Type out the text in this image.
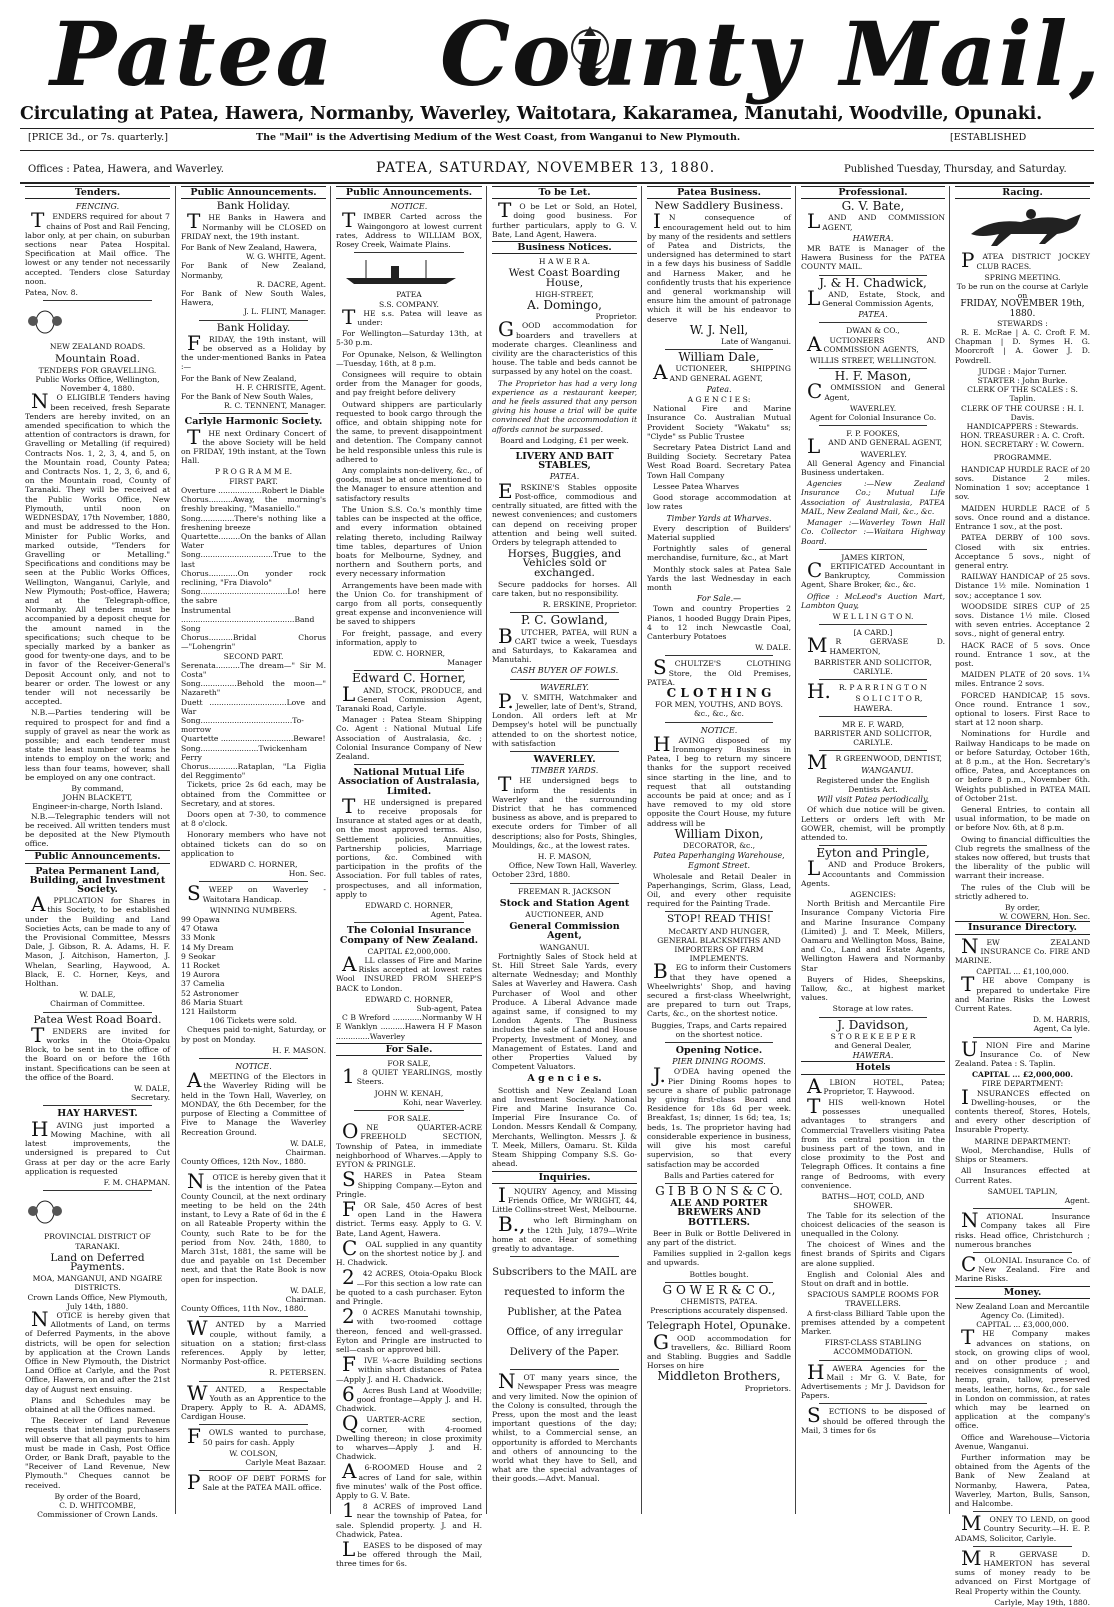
Patea County Mail,
Circulating at Patea, Hawera, Normanby, Waverley, Waitotara, Kakaramea, Manutahi, Woodville, Opunaki.
[PRICE 3d., or 7s. quarterly.]	The "Mail" is the Advertising Medium of the West Coast, from Wanganui to New Plymouth.	[ESTABLISHED
Offices : Patea, Hawera, and Waverley.	PATEA, SATURDAY, NOVEMBER 13, 1880.	Published Tuesday, Thursday, and Saturday.
Tenders.
FENCING.

TENDERS required for about 7 chains of Post and Rail Fencing, labor only, at per chain, on suburban sections near Patea Hospital. Specification at Mail office. The lowest or any tender not necessarily accepted. Tenders close Saturday noon.

Patea, Nov. 8.
NEW ZEALAND ROADS.
Mountain Road.
TENDERS FOR GRAVELLING.
Public Works Office, Wellington, November 4, 1880.

NO ELIGIBLE Tenders having been received, fresh Separate Tenders are hereby invited, on an amended specification to which the attention of contractors is drawn, for Gravelling or Metalling (if required) Contracts Nos. 1, 2, 3, 4, and 5, on the Mountain road, County Patea; and Contracts Nos. 1, 2, 3, 6, and 6, on the Mountain road, County of Taranaki. They will be received at the Public Works Office, New Plymouth, until noon on WEDNESDAY, 17th November, 1880, and must be addressed to the Hon. Minister for Public Works, and marked outside, "Tenders for Gravelling or Metalling." Specifications and conditions may be seen at the Public Works Offices, Wellington, Wanganui, Carlyle, and New Plymouth; Post-office, Hawera; and at the Telegraph-office, Normanby. All tenders must be accompanied by a deposit cheque for the amount named in the specifications; such cheque to be specially marked by a banker as good for twenty-one days, and to be in favor of the Receiver-General's Deposit Account only, and not to bearer or order. The lowest or any tender will not necessarily be accepted.

N.B.—Parties tendering will be required to prospect for and find a supply of gravel as near the work as possible; and each tenderer must state the least number of teams he intends to employ on the work; and less than four teams, however, shall be employed on any one contract.

By command,
JOHN BLACKETT,
Engineer-in-charge, North Island.

N.B.—Telegraphic tenders will not be received. All written tenders must be deposited at the New Plymouth office.

Public Announcements.
Patea Permanent Land, Building, and Investment Society.

APPLICATION for Shares in this Society, to be established under the Building and Land Societies Acts, can be made to any of the Provisional Committee, Messrs Dale, J. Gibson, R. A. Adams, H. F. Mason, J. Aitchison, Hamerton, J. Whelan, Searling, Haywood, A. Black, E. C. Horner, Keys, and Holthan.

W. DALE,
Chairman of Committee.
Patea West Road Board.

TENDERS are invited for works in the Otoia-Opaku Block, to be sent in to the office of the Board on or before the 16th instant. Specifications can be seen at the office of the Board.

W. DALE,
Secretary.
HAY HARVEST.

HAVING just imported a Mowing Machine, with all latest improvements, the undersigned is prepared to Cut Grass at per day or the acre Early application is requested

F. M. CHAPMAN.
PROVINCIAL DISTRICT OF TARANAKI.
Land on Deferred Payments.
MOA, MANGANUI, AND NGAIRE DISTRICTS.
Crown Lands Office, New Plymouth, July 14th, 1880.

NOTICE is hereby given that Allotments of Land, on terms of Deferred Payments, in the above districts, will be open for selection by application at the Crown Lands Office in New Plymouth, the District Land Office at Carlyle, and the Post Office, Hawera, on and after the 21st day of August next ensuing.

Plans and Schedules may be obtained at all the Offices named.

The Receiver of Land Revenue requests that intending purchasers will observe that all payments to him must be made in Cash, Post Office Order, or Bank Draft, payable to the "Receiver of Land Revenue, New Plymouth." Cheques cannot be received.

By order of the Board,
C. D. WHITCOMBE,
Commissioner of Crown Lands.
Public Announcements.
Bank Holiday.

THE Banks in Hawera and Normanby will be CLOSED on FRIDAY next, the 19th instant.

For Bank of New Zealand, Hawera,
W. G. WHITE, Agent.
For Bank of New Zealand, Normanby,
R. DACRE, Agent.
For Bank of New South Wales, Hawera,
J. L. FLINT, Manager.
Bank Holiday.

FRIDAY, the 19th instant, will be observed as a Holiday by the under-mentioned Banks in Patea :—

For the Bank of New Zealand,
H. F. CHRISITE, Agent.
For the Bank of New South Wales,
R. C. TENNENT, Manager.
Carlyle Harmonic Society.

THE next Ordinary Concert of the above Society will be held on FRIDAY, 19th instant, at the Town Hall.

P R O G R A M M E.
FIRST PART.
Overture ..................Robert le Diable
Chorus..........Away, the morning's freshly breaking, "Masaniello."
Song..............There's nothing like a freshening breeze
Quartette.........On the banks of Allan Water
Song..............................True to the last
Chorus............On yonder rock reclining, "Fra Diavolo"
Song....................................Lo! here the sabre
Instrumental ...............................................Band
Song
Chorus..........Bridal Chorus—"Lohengrin"
SECOND PART.
Serenata..........The dream—" Sir M. Costa"
Song...............Behold the moon—" Nazareth"
Duett ................................Love and War
Song......................................To-morrow
Quartette ..............................Beware!
Song........................Twickenham Ferry
Chorus............Rataplan, "La Figlia del Reggimento"

Tickets, price 2s 6d each, may be obtained from the Committee or Secretary, and at stores.

Doors open at 7-30, to commence at 8 o'clock.

Honorary members who have not obtained tickets can do so on application to

EDWARD C. HORNER,
Hon. Sec.

SWEEP on Waverley - Waitotara Handicap.

WINNING NUMBERS.
99 Opawa
47 Otawa
33 Monk
14 My Dream
9 Seokar
11 Rocket
19 Aurora
37 Camelia
52 Astronomer
86 Maria Stuart
121 Hailstorm
106 Tickets were sold.

Cheques paid to-night, Saturday, or by post on Monday.

H. F. MASON.
NOTICE.

AMEETING of the Electors in the Waverley Riding will be held in the Town Hall, Waverley, on MONDAY, the 6th December, for the purpose of Electing a Committee of Five to Manage the Waverley Recreation Ground.

W. DALE,
Chairman.
County Offices, 12th Nov., 1880.

NOTICE is hereby given that it is the intention of the Patea County Council, at the next ordinary meeting to be held on the 24th instant, to Levy a Rate of 6d in the £ on all Rateable Property within the County, such Rate to be for the period from Nov. 24th, 1880, to March 31st, 1881, the same will be due and payable on 1st December next, and that the Rate Book is now open for inspection.

W. DALE,
Chairman.
County Offices, 11th Nov., 1880.

WANTED by a Married couple, without family, a situation on a station; first-class references. Apply by letter, Normanby Post-office.

R. PETERSEN.

WANTED, a Respectable Youth as an Apprentice to the Drapery. Apply to R. A. ADAMS, Cardigan House.

FOWLS wanted to purchase, 50 pairs for cash. Apply

W. COLSON,
Carlyle Meat Bazaar.

PROOF OF DEBT FORMS for Sale at the PATEA MAIL office.

Public Announcements.
NOTICE.

TIMBER Carted across the Waingongoro at lowest current rates, Address to WILLIAM BOX, Rosey Creek, Waimate Plains.

PATEA
S.S. COMPANY.

THE s.s. Patea will leave as under:

For Wellington—Saturday 13th, at 5-30 p.m.

For Opunake, Nelson, & Wellington—Tuesday, 16th, at 8 p.m.

Consignees will require to obtain order from the Manager for goods, and pay freight before delivery

Outward shippers are particularly requested to book cargo through the office, and obtain shipping note for the same, to prevent disappointment and detention. The Company cannot be held responsible unless this rule is adhered to

Any complaints non-delivery, &c., of goods, must be at once mentioned to the Manager to ensure attention and satisfactory results

The Union S.S. Co.'s monthly time tables can be inspected at the office, and every information obtained relating thereto, including Railway time tables, departures of Union boats for Melbourne, Sydney, and northern and Southern ports, and every necessary information

Arrangements have been made with the Union Co. for transhipment of cargo from all ports, consequently great expense and inconvenience will be saved to shippers

For freight, passage, and every information, apply to

EDW. C. HORNER,
Manager
Edward C. Horner,

LAND, STOCK, PRODUCE, and General Commission Agent, Taranaki Road, Carlyle.

Manager : Patea Steam Shipping Co. Agent : National Mutual Life Association of Australasia, &c. ; Colonial Insurance Company of New Zealand.

National Mutual Life Association of Australasia, Limited.

THE undersigned is prepared to receive proposals for Insurance at stated ages or at death, on the most approved terms. Also, Settlement policies, Annuities, Partnership policies, Marriage portions, &c. Combined with participation in the profits of the Association. For full tables of rates, prospectuses, and all information, apply to

EDWARD C. HORNER,
Agent, Patea.
The Colonial Insurance Company of New Zealand.
CAPITAL £2,000,000.

ALL classes of Fire and Marine Risks accepted at lowest rates Wool INSURED FROM SHEEP'S BACK to London.

EDWARD C. HORNER,
Sub-agent, Patea

C B Wreford ............Normanby W H E Wanklyn ..........Hawera H F Mason ..............Waverley

For Sale.
FOR SALE,

18 QUIET YEARLINGS, mostly Steers.

JOHN W. KENAH,
Kohi, near Waverley.
FOR SALE.

ONE QUARTER-ACRE FREEHOLD SECTION, Township of Patea, in immediate neighborhood of Wharves.—Apply to EYTON & PRINGLE.

SHARES in Patea Steam Shipping Company.—Eyton and Pringle.

FOR Sale, 450 Acres of best open Land in the Hawera district. Terms easy. Apply to G. V. Bate, Land Agent, Hawera.

COAL supplied in any quantity on the shortest notice by J. and H. Chadwick.

242 ACRES, Otoia-Opaku Block—For this section a low rate can be quoted to a cash purchaser. Eyton and Pringle.

20 ACRES Manutahi township, with two-roomed cottage thereon, fenced and well-grassed. Eyton and Pringle are instructed to sell—cash or approved bill.

FIVE ¼-acre Building sections within short distances of Patea—Apply J. and H. Chadwick.

6Acres Bush Land at Woodville; good frontage—Apply J. and H. Chadwick.

QUARTER-ACRE section, corner, with 4-roomed Dwelling thereon; in close proximity to wharves—Apply J. and H. Chadwick.

A6-ROOMED House and 2 acres of Land for sale, within five minutes' walk of the Post office. Apply to G. V. Bate.

18 ACRES of improved Land near the township of Patea, for sale. Splendid property. J. and H. Chadwick, Patea.

LEASES to be disposed of may be offered through the Mail, three times for 6s.

To be Let.

TO be Let or Sold, an Hotel, doing good business. For further particulars, apply to G. V. Bate, Land Agent, Hawera.

Business Notices.
H A W E R A.
West Coast Boarding House,
HIGH-STREET,
A. Domingo,
Proprietor.

GOOD accommodation for boarders and travellers at moderate charges. Cleanliness and civility are the characteristics of this house. The table and beds cannot be surpassed by any hotel on the coast.

The Proprietor has had a very long experience as a restaurant keeper, and he feels assured that any person giving his house a trial will be quite convinced that the accommodation it affords cannot be surpassed.

Board and Lodging, £1 per week.
LIVERY AND BAIT STABLES,
PATEA.

ERSKINE'S Stables opposite Post-office, commodious and centrally situated, are fitted with the newest conveniences; and customers can depend on receiving proper attention and being well suited. Orders by telegraph attended to

Horses, Buggies, and Vehicles sold or exchanged.

Secure paddocks for horses. All care taken, but no responsibility.

R. ERSKINE, Proprietor.
P. C. Gowland,

BUTCHER, PATEA, will RUN a CART twice a week, Tuesdays and Saturdays, to Kakaramea and Manutahi.

CASH BUYER OF FOWLS.
WAVERLEY.

P.V. SMITH, Watchmaker and Jeweller, late of Dent's, Strand, London. All orders left at Mr Dempsey's hotel will be punctually attended to on the shortest notice, with satisfaction

WAVERLEY.
TIMBER YARDS.

THE undersigned begs to inform the residents in Waverley and the surrounding District that he has commenced business as above, and is prepared to execute orders for Timber of all descriptions; also for Posts, Shingles, Mouldings, &c., at the lowest rates.

H. F. MASON,
Office, New Town Hall, Waverley.
October 23rd, 1880.
FREEMAN R. JACKSON
Stock and Station Agent
AUCTIONEER, AND
General Commission Agent,
WANGANUI.

Fortnightly Sales of Stock held at St. Hill Street Sale Yards, every alternate Wednesday; and Monthly Sales at Waverley and Hawera. Cash Purchaser of Wool and other Produce. A Liberal Advance made against same, if consigned to my London Agents. The Business includes the sale of Land and House Property, Investment of Money, and Management of Estates. Land and other Properties Valued by Competent Valuators.

A g e n c i e s.

Scottish and New Zealand Loan and Investment Society. National Fire and Marine Insurance Co. Imperial Fire Insurance Co. of London. Messrs Kendall & Company, Merchants, Wellington. Messrs J. & T. Meek, Millers, Oamaru. St. Kilda Steam Shipping Company S.S. Go-ahead.

Inquiries.

INQUIRY Agency, and Missing Friends Office, Mr WRIGHT, 44, Little Collins-street West, Melbourne.

B.,who left Birmingham on the 12th July, 1879—Write home at once. Hear of something greatly to advantage.

Subscribers to the MAIL are requested to inform the Publisher, at the Patea Office, of any irregular Delivery of the Paper.

NOT many years since, the Newspaper Press was meagre and very limited. Now the opinion of the Colony is consulted, through the Press, upon the most and the least important questions of the day; whilst, to a Commercial sense, an opportunity is afforded to Merchants and others of announcing to the world what they have to Sell, and what are the special advantages of their goods.—Advt. Manual.

Patea Business.
New Saddlery Business.

IN consequence of encouragement held out to him by many of the residents and settlers of Patea and Districts, the undersigned has determined to start in a few days his business of Saddle and Harness Maker, and he confidently trusts that his experience and general workmanship will ensure him the amount of patronage which it will be his endeavor to deserve

W. J. Nell,
Late of Wanganui.
William Dale,

AUCTIONEER, SHIPPING AND GENERAL AGENT,

Patea.
A G E N C I E S:

National Fire and Marine Insurance Co. Australian Mutual Provident Society "Wakatu" ss; "Clyde" ss Public Trustee

Secretary Patea District Land and Building Society. Secretary Patea West Road Board. Secretary Patea Town Hall Company

Lessee Patea Wharves

Good storage accommodation at low rates

Timber Yards at Wharves.

Every description of Builders' Material supplied

Fortnightly sales of general merchandise, furniture, &c., at Mart

Monthly stock sales at Patea Sale Yards the last Wednesday in each month

For Sale.—

Town and country Properties 2 Pianos, 1 hooded Buggy Drain Pipes, 4 to 12 inch Newcastle Coal, Canterbury Potatoes

W. DALE.

SCHULTZE'S CLOTHING Store, the Old Premises, PATEA.

C L O T H I N G
FOR MEN, YOUTHS, AND BOYS. &c., &c., &c.
NOTICE.

HAVING disposed of my Ironmongery Business in Patea, I beg to return my sincere thanks for the support received since starting in the line, and to request that all outstanding accounts be paid at once; and as I have removed to my old store opposite the Court House, my future address will be

William Dixon,
DECORATOR, &c.,
Patea Paperhanging Warehouse,
Egmont Street.

Wholesale and Retail Dealer in Paperhangings, Scrim, Glass, Lead, Oil, and every other requisite required for the Painting Trade.

STOP! READ THIS!
McCARTY AND HUNGER,
GENERAL BLACKSMITHS AND IMPORTERS OF FARM IMPLEMENTS.

BEG to inform their Customers that they have opened a Wheelwrights' Shop, and having secured a first-class Wheelwright, are prepared to turn out Traps, Carts, &c., on the shortest notice.

Buggies, Traps, and Carts repaired on the shortest notice.
Opening Notice.
PIER DINING ROOMS.

J.O'DEA having opened the Pier Dining Rooms hopes to secure a share of public patronage by giving first-class Board and Residence for 18s 6d per week. Breakfast, 1s; dinner, 1s 6d; tea, 1s; beds, 1s. The proprietor having had considerable experience in business, will give his most careful supervision, so that every satisfaction may be accorded

Balls and Parties catered for
G I B B O N S & C O.
ALE AND PORTER BREWERS AND BOTTLERS.

Beer in Bulk or Bottle Delivered in any part of the district.

Families supplied in 2-gallon kegs and upwards.

Bottles bought.
G O W E R & C O.,
CHEMISTS, PATEA.
Prescriptions accurately dispensed.
Telegraph Hotel, Opunake.

GOOD accommodation for travellers, &c. Billiard Room and Stabling. Buggies and Saddle Horses on hire

Middleton Brothers,
Proprietors.
Professional.
G. V. Bate,

LAND AND COMMISSION AGENT,

HAWERA.

MR BATE is Manager of the Hawera Business for the PATEA COUNTY MAIL.

J. & H. Chadwick,

LAND, Estate, Stock, and General Commission Agents,

PATEA.
DWAN & CO.,

AUCTIONEERS AND COMMISSION AGENTS,

WILLIS STREET, WELLINGTON.
H. F. Mason,

COMMISSION and General Agent,

WAVERLEY.
Agent for Colonial Insurance Co.
F. P. FOOKES,

LAND AND GENERAL AGENT,

WAVERLEY.

All General Agency and Financial Business undertaken.

Agencies :—New Zealand Insurance Co.; Mutual Life Association of Australasia, PATEA MAIL, New Zealand Mail, &c., &c.

Manager :—Waverley Town Hall Co. Collector :—Waitara Highway Board.

JAMES KIRTON,

CERTIFICATED Accountant in Bankruptcy, Commission Agent, Share Broker, &c., &c.

Office : McLeod's Auction Mart, Lambton Quay,

W E L L I N G T O N.
[A CARD.]

MR GERVASE D. HAMERTON,

BARRISTER AND SOLICITOR,
CARLYLE.

H.R. P A R R I N G T O N

S O L I C I T O R,
HAWERA.
MR E. F. WARD,
BARRISTER AND SOLICITOR,
CARLYLE.

MR GREENWOOD, DENTIST,

WANGANUI.
Registered under the English Dentists Act.
Will visit Patea periodically,

Of which due notice will be given. Letters or orders left with Mr GOWER, chemist, will be promptly attended to.

Eyton and Pringle,

LAND and Produce Brokers, Accountants and Commission Agents.

AGENCIES:

North British and Mercantile Fire Insurance Company Victoria Fire and Marine Insurance Company (Limited) J. and T. Meek, Millers, Oamaru and Wellington Moss, Baine, and Co., Land and Estate Agents, Wellington Hawera and Normanby Star

Buyers of Hides, Sheepskins, Tallow, &c., at highest market values.

Storage at low rates.
J. Davidson,
S T O R E K E E P E R
and General Dealer,
HAWERA.
Hotels

ALBION HOTEL, Patea; Proprietor, T. Haywood.

THIS well-known Hotel possesses unequalled advantages to strangers and Commercial Travellers visiting Patea from its central position in the business part of the town, and in close proximity to the Post and Telegraph Offices. It contains a fine range of Bedrooms, with every convenience.

BATHS—HOT, COLD, AND SHOWER.

The Table for its selection of the choicest delicacies of the season is unequalled in the Colony.

The choicest of Wines and the finest brands of Spirits and Cigars are alone supplied.

English and Colonial Ales and Stout on draft and in bottle.

SPACIOUS SAMPLE ROOMS FOR TRAVELLERS.

A first-class Billiard Table upon the premises attended by a competent Marker.

FIRST-CLASS STABLING ACCOMMODATION.

HAWERA Agencies for the Mail : Mr G. V. Bate, for Advertisements ; Mr J. Davidson for Papers.

SECTIONS to be disposed of should be offered through the Mail, 3 times for 6s

Racing.

PATEA DISTRICT JOCKEY CLUB RACES.

SPRING MEETING.
To be run on the course at Carlyle on
FRIDAY, NOVEMBER 19th, 1880.
STEWARDS :

R. E. McRae | A. C. Croft F. M. Chapman | D. Symes H. G. Moorcroft | A. Gower J. D. Powdrell.

JUDGE : Major Turner.
STARTER : John Burke.
CLERK OF THE SCALES : S. Taplin.
CLERK OF THE COURSE : H. I. Davis.
HANDICAPPERS : Stewards.
HON. TREASURER : A. C. Croft.
HON. SECRETARY : W. Cowern.
PROGRAMME.

HANDICAP HURDLE RACE of 20 sovs. Distance 2 miles. Nomination 1 sov; acceptance 1 sov.

MAIDEN HURDLE RACE of 5 sovs. Once round and a distance. Entrance 1 sov., at the post.

PATEA DERBY of 100 sovs. Closed with six entries. Acceptance 5 sovs., night of general entry.

RAILWAY HANDICAP of 25 sovs. Distance 1½ mile. Nomination 1 sov.; acceptance 1 sov.

WOODSIDE SIRES CUP of 25 sovs. Distance 1½ mile. Closed with seven entries. Acceptance 2 sovs., night of general entry.

HACK RACE of 5 sovs. Once round. Entrance 1 sov., at the post.

MAIDEN PLATE of 20 sovs. 1¼ miles. Entrance 2 sovs.

FORCED HANDICAP, 15 sovs. Once round. Entrance 1 sov., optional to losers. First Race to start at 12 noon sharp.

Nominations for Hurdle and Railway Handicaps to be made on or before Saturday, October 16th, at 8 p.m., at the Hon. Secretary's office, Patea, and Acceptances on or before 8 p.m., November 6th. Weights published in PATEA MAIL of October 21st.

General Entries, to contain all usual information, to be made on or before Nov. 6th, at 8 p.m.

Owing to financial difficulties the Club regrets the smallness of the stakes now offered, but trusts that the liberality of the public will warrant their increase.

The rules of the Club will be strictly adhered to.

By order,
W. COWERN, Hon. Sec.
Insurance Directory.

NEW ZEALAND INSURANCE Co. FIRE AND MARINE.

CAPITAL ... £1,100,000.

THE above Company is prepared to undertake Fire and Marine Risks the Lowest Current Rates.

D. M. HARRIS,
Agent, Ca lyle.

UNION Fire and Marine Insurance Co. of New Zealand. Patea : S. Taplin.

CAPITAL ... £2,000,000.
FIRE DEPARTMENT:

INSURANCES effected on Dwelling-houses, or the contents thereof, Stores, Hotels, and every other description of Insurable Property.

MARINE DEPARTMENT:

Wool, Merchandise, Hulls of Ships or Steamers.

All Insurances effected at Current Rates.

SAMUEL TAPLIN,
Agent.

NATIONAL Insurance Company takes all Fire risks. Head office, Christchurch ; numerous branches

COLONIAL Insurance Co. of New Zealand. Fire and Marine Risks.

Money.
New Zealand Loan and Mercantile Agency Co. (Limited).
CAPITAL ... £3,000,000.

THE Company makes advances on stations, on stock, on growing clips of wool, and on other produce ; and receives consignments of wool, hemp, grain, tallow, preserved meats, leather, horns, &c., for sale in London on commission, at rates which may be learned on application at the company's office.

Office and Warehouse—Victoria Avenue, Wanganui.

Further information may be obtained from the Agents of the Bank of New Zealand at Normanby, Hawera, Patea, Waverley, Marton, Bulls, Sanson, and Halcombe.

MONEY TO LEND, on good Country Security.—H. E. P. ADAMS, Solicitor, Carlyle.

MR GERVASE D. HAMERTON has several sums of money ready to be advanced on First Mortgage of Real Property within the County.

Carlyle, May 19th, 1880.
